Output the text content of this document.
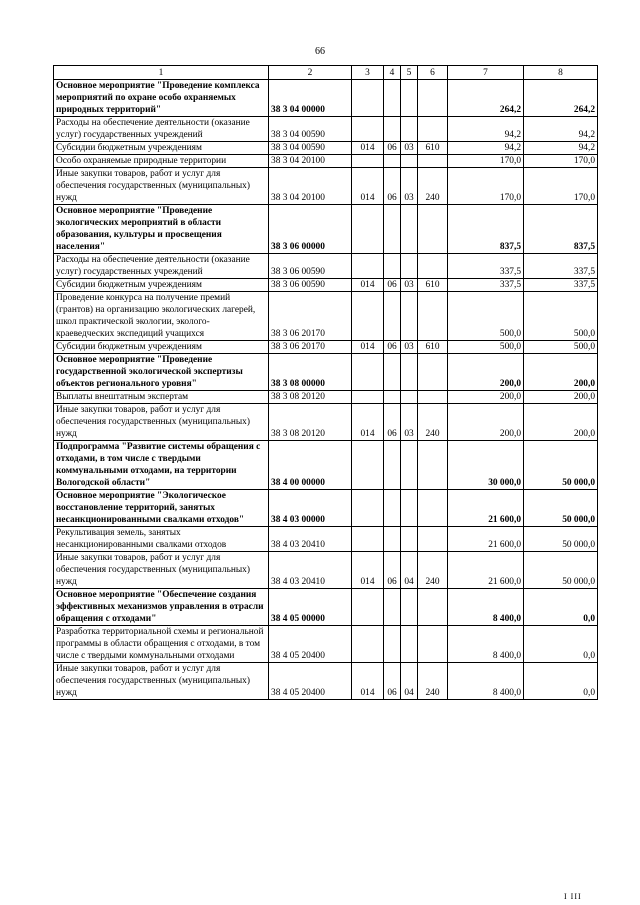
66
1	2	3	4	5	6	7	8
Основное мероприятие "Проведение комплекса мероприятий по охране особо охраняемых природных территорий"	38 3 04 00000					264,2	264,2
Расходы на обеспечение деятельности (оказание услуг) государственных учреждений	38 3 04 00590					94,2	94,2
Субсидии бюджетным учреждениям	38 3 04 00590	014	06	03	610	94,2	94,2
Особо охраняемые природные территории	38 3 04 20100					170,0	170,0
Иные закупки товаров, работ и услуг для обеспечения государственных (муниципальных) нужд	38 3 04 20100	014	06	03	240	170,0	170,0
Основное мероприятие "Проведение экологических мероприятий в области образования, культуры и просвещения населения"	38 3 06 00000					837,5	837,5
Расходы на обеспечение деятельности (оказание услуг) государственных учреждений	38 3 06 00590					337,5	337,5
Субсидии бюджетным учреждениям	38 3 06 00590	014	06	03	610	337,5	337,5
Проведение конкурса на получение премий (грантов) на организацию экологических лагерей, школ практической экологии, эколого-краеведческих экспедиций учащихся	38 3 06 20170					500,0	500,0
Субсидии бюджетным учреждениям	38 3 06 20170	014	06	03	610	500,0	500,0
Основное мероприятие "Проведение государственной экологической экспертизы объектов регионального уровня"	38 3 08 00000					200,0	200,0
Выплаты внештатным экспертам	38 3 08 20120					200,0	200,0
Иные закупки товаров, работ и услуг для обеспечения государственных (муниципальных) нужд	38 3 08 20120	014	06	03	240	200,0	200,0
Подпрограмма "Развитие системы обращения с отходами, в том числе с твердыми коммунальными отходами, на территории Вологодской области"	38 4 00 00000					30 000,0	50 000,0
Основное мероприятие "Экологическое восстановление территорий, занятых несанкционированными свалками отходов"	38 4 03 00000					21 600,0	50 000,0
Рекультивация земель, занятых несанкционированными свалками отходов	38 4 03 20410					21 600,0	50 000,0
Иные закупки товаров, работ и услуг для обеспечения государственных (муниципальных) нужд	38 4 03 20410	014	06	04	240	21 600,0	50 000,0
Основное мероприятие "Обеспечение создания эффективных механизмов управления в отрасли обращения с отходами"	38 4 05 00000					8 400,0	0,0
Разработка территориальной схемы и региональной программы в области обращения с отходами, в том числе с твердыми коммунальными отходами	38 4 05 20400					8 400,0	0,0
Иные закупки товаров, работ и услуг для обеспечения государственных (муниципальных) нужд	38 4 05 20400	014	06	04	240	8 400,0	0,0
I III
